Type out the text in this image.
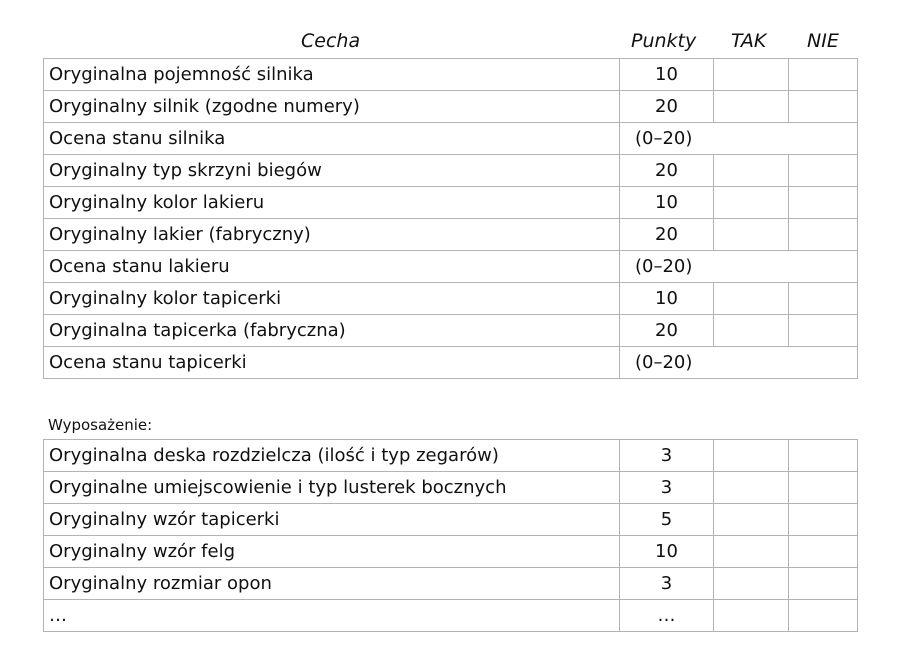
Cecha	Punkty TAK NIE
Oryginalna pojemność silnika	10		
Oryginalny silnik (zgodne numery)	20		
Ocena stanu silnika	(0–20)		
Oryginalny typ skrzyni biegów	20		
Oryginalny kolor lakieru	10		
Oryginalny lakier (fabryczny)	20		
Ocena stanu lakieru	(0–20)		
Oryginalny kolor tapicerki	10		
Oryginalna tapicerka (fabryczna)	20		
Ocena stanu tapicerki	(0–20)		
Wyposażenie:
Oryginalna deska rozdzielcza (ilość i typ zegarów)	3		
Oryginalne umiejscowienie i typ lusterek bocznych	3		
Oryginalny wzór tapicerki	5		
Oryginalny wzór felg	10		
Oryginalny rozmiar opon	3		
…	…		
